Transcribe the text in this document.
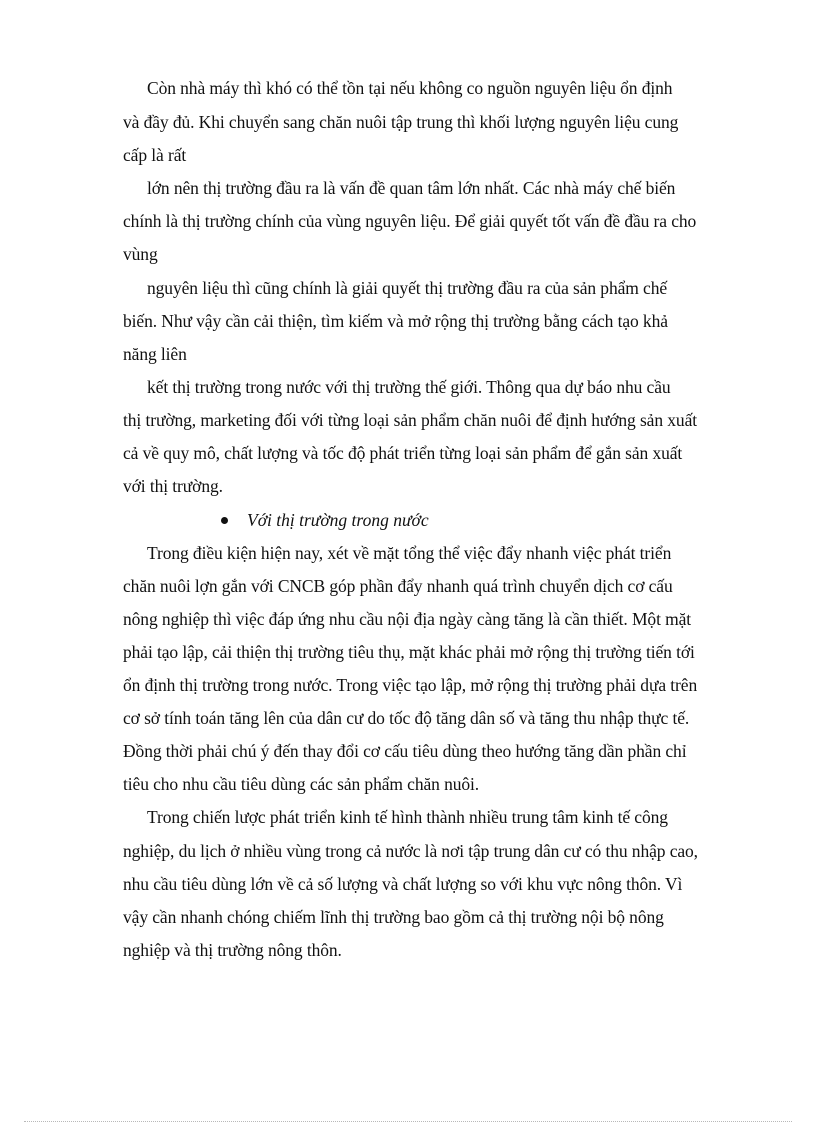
Còn nhà máy thì khó có thể tồn tại nếu không co nguồn nguyên liệu ổn định
và đầy đủ. Khi chuyển sang chăn nuôi tập trung thì khối lượng nguyên liệu cung
cấp là rất
lớn nên thị trường đầu ra là vấn đề quan tâm lớn nhất. Các nhà máy chế biến
chính là thị trường chính của vùng nguyên liệu. Để giải quyết tốt vấn đề đầu ra cho
vùng
nguyên liệu thì cũng chính là giải quyết thị trường đầu ra của sản phẩm chế
biến. Như vậy cần cải thiện, tìm kiếm và mở rộng thị trường bằng cách tạo khả
năng liên
kết thị trường trong nước với thị trường thế giới. Thông qua dự báo nhu cầu
thị trường, marketing đối với từng loại sản phẩm chăn nuôi để định hướng sản xuất
cả về quy mô, chất lượng và tốc độ phát triển từng loại sản phẩm để gắn sản xuất
với thị trường.
Với thị trường trong nước
Trong điều kiện hiện nay, xét về mặt tổng thể việc đẩy nhanh việc phát triển
chăn nuôi lợn gắn với CNCB góp phần đẩy nhanh quá trình chuyển dịch cơ cấu
nông nghiệp thì việc đáp ứng nhu cầu nội địa ngày càng tăng là cần thiết. Một mặt
phải tạo lập, cải thiện thị trường tiêu thụ, mặt khác phải mở rộng thị trường tiến tới
ổn định thị trường trong nước. Trong việc tạo lập, mở rộng thị trường phải dựa trên
cơ sở tính toán tăng lên của dân cư do tốc độ tăng dân số và tăng thu nhập thực tế.
Đồng thời phải chú ý đến thay đổi cơ cấu tiêu dùng theo hướng tăng dần phần chỉ
tiêu cho nhu cầu tiêu dùng các sản phẩm chăn nuôi.
Trong chiến lược phát triển kinh tế hình thành nhiều trung tâm kinh tế công
nghiệp, du lịch ở nhiều vùng trong cả nước là nơi tập trung dân cư có thu nhập cao,
nhu cầu tiêu dùng lớn về cả số lượng và chất lượng so với khu vực nông thôn. Vì
vậy cần nhanh chóng chiếm lĩnh thị trường bao gồm cả thị trường nội bộ nông
nghiệp và thị trường nông thôn.
